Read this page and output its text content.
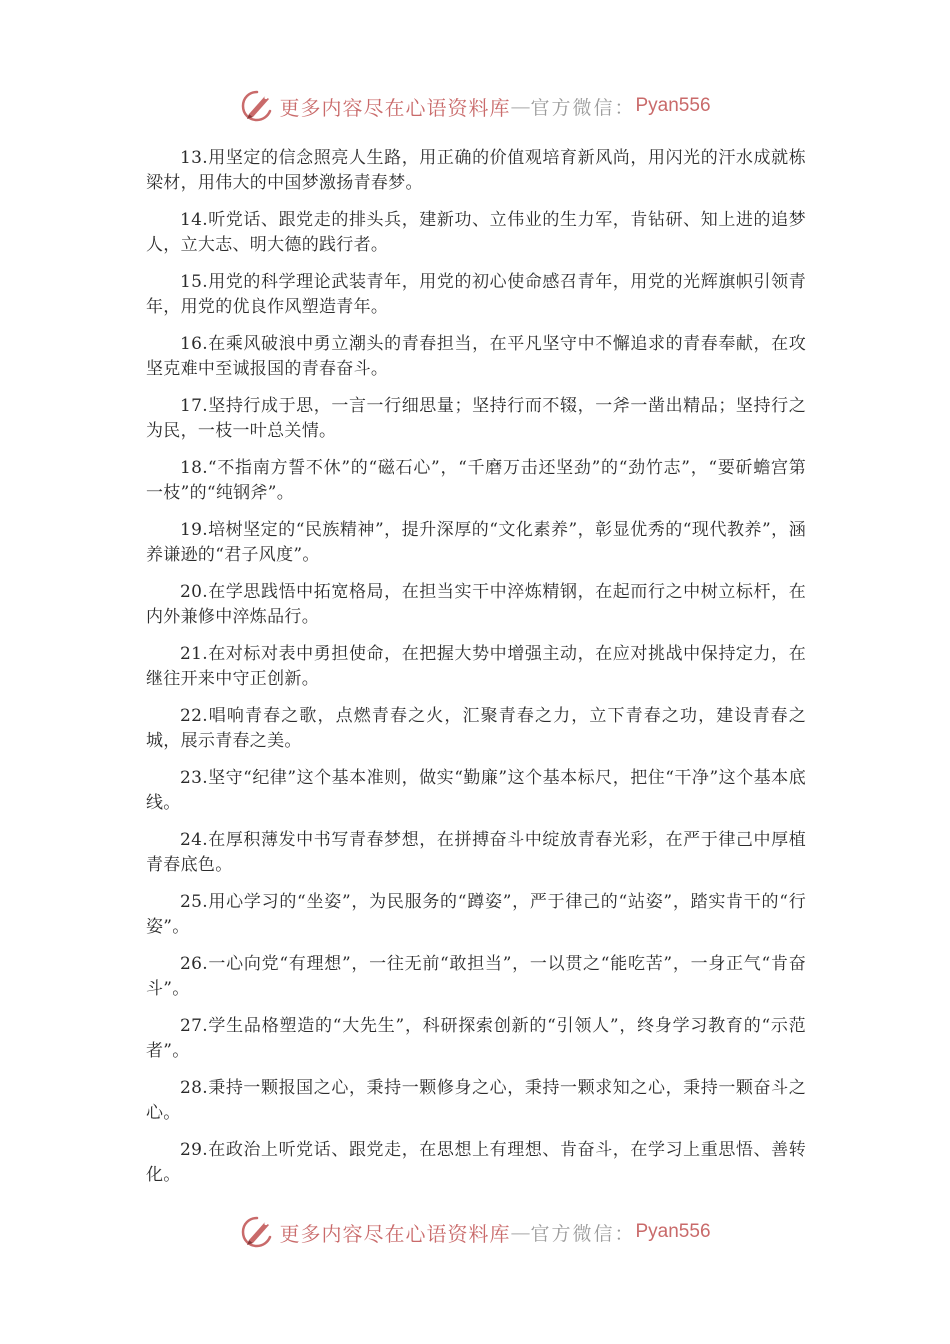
更多内容尽在心语资料库 — 官方微信： Pyan556

13.用坚定的信念照亮人生路，用正确的价值观培育新风尚，用闪光的汗水成就栋梁材，用伟大的中国梦激扬青春梦。

14.听党话、跟党走的排头兵，建新功、立伟业的生力军，肯钻研、知上进的追梦人，立大志、明大德的践行者。

15.用党的科学理论武装青年，用党的初心使命感召青年，用党的光辉旗帜引领青年，用党的优良作风塑造青年。

16.在乘风破浪中勇立潮头的青春担当，在平凡坚守中不懈追求的青春奉献，在攻坚克难中至诚报国的青春奋斗。

17.坚持行成于思，一言一行细思量；坚持行而不辍，一斧一凿出精品；坚持行之为民，一枝一叶总关情。

18.“不指南方誓不休”的“磁石心”，“千磨万击还坚劲”的“劲竹志”，“要斫蟾宫第一枝”的“纯钢斧”。

19.培树坚定的“民族精神”，提升深厚的“文化素养”，彰显优秀的“现代教养”，涵养谦逊的“君子风度”。

20.在学思践悟中拓宽格局，在担当实干中淬炼精钢，在起而行之中树立标杆，在内外兼修中淬炼品行。

21.在对标对表中勇担使命，在把握大势中增强主动，在应对挑战中保持定力，在继往开来中守正创新。

22.唱响青春之歌，点燃青春之火，汇聚青春之力，立下青春之功，建设青春之城，展示青春之美。

23.坚守“纪律”这个基本准则，做实“勤廉”这个基本标尺，把住“干净”这个基本底线。

24.在厚积薄发中书写青春梦想，在拼搏奋斗中绽放青春光彩，在严于律己中厚植青春底色。

25.用心学习的“坐姿”，为民服务的“蹲姿”，严于律己的“站姿”，踏实肯干的“行姿”。

26.一心向党“有理想”，一往无前“敢担当”，一以贯之“能吃苦”，一身正气“肯奋斗”。

27.学生品格塑造的“大先生”，科研探索创新的“引领人”，终身学习教育的“示范者”。

28.秉持一颗报国之心，秉持一颗修身之心，秉持一颗求知之心，秉持一颗奋斗之心。

29.在政治上听党话、跟党走，在思想上有理想、肯奋斗，在学习上重思悟、善转化。

更多内容尽在心语资料库 — 官方微信： Pyan556
